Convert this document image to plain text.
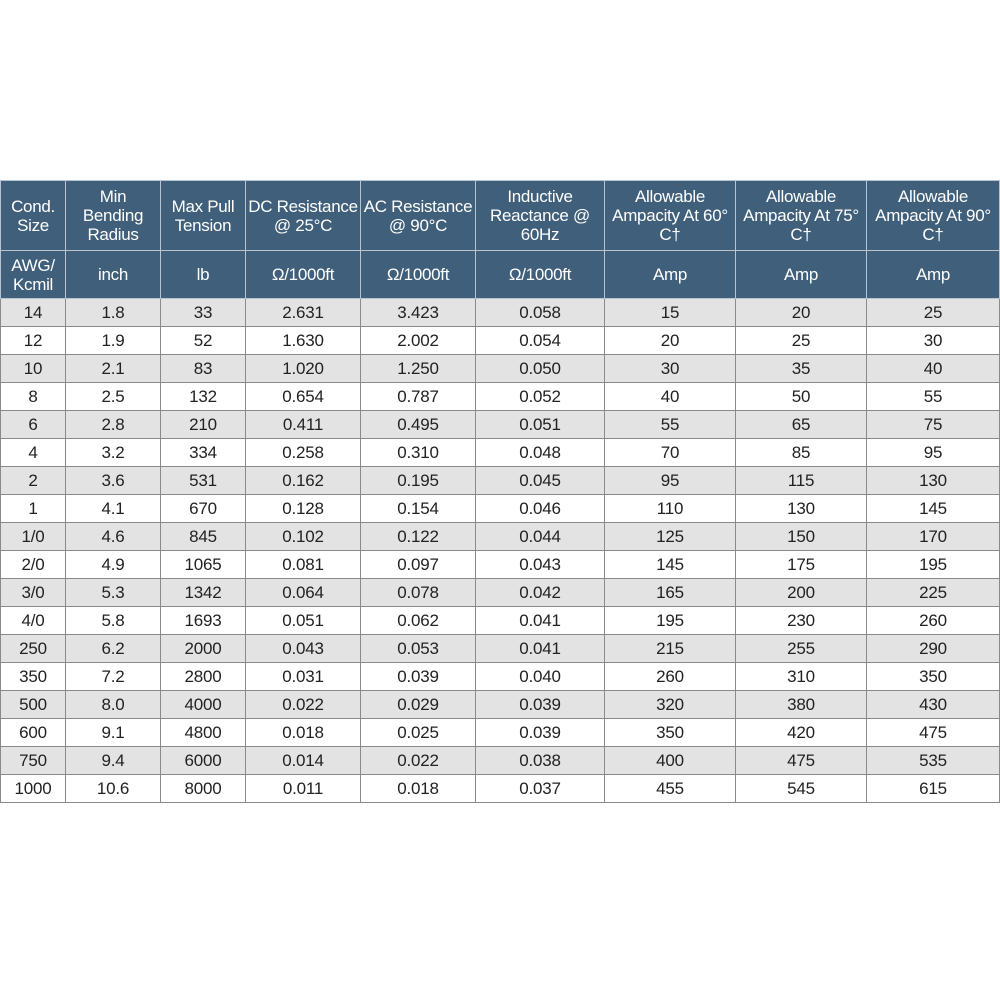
Cond. Size	Min Bending Radius	Max Pull Tension	DC Resistance @ 25°C	AC Resistance @ 90°C	Inductive Reactance @ 60Hz	Allowable Ampacity At 60° C†	Allowable Ampacity At 75° C†	Allowable Ampacity At 90° C†
AWG/ Kcmil	inch	lb	Ω/1000ft	Ω/1000ft	Ω/1000ft	Amp	Amp	Amp
14	1.8	33	2.631	3.423	0.058	15	20	25
12	1.9	52	1.630	2.002	0.054	20	25	30
10	2.1	83	1.020	1.250	0.050	30	35	40
8	2.5	132	0.654	0.787	0.052	40	50	55
6	2.8	210	0.411	0.495	0.051	55	65	75
4	3.2	334	0.258	0.310	0.048	70	85	95
2	3.6	531	0.162	0.195	0.045	95	115	130
1	4.1	670	0.128	0.154	0.046	110	130	145
1/0	4.6	845	0.102	0.122	0.044	125	150	170
2/0	4.9	1065	0.081	0.097	0.043	145	175	195
3/0	5.3	1342	0.064	0.078	0.042	165	200	225
4/0	5.8	1693	0.051	0.062	0.041	195	230	260
250	6.2	2000	0.043	0.053	0.041	215	255	290
350	7.2	2800	0.031	0.039	0.040	260	310	350
500	8.0	4000	0.022	0.029	0.039	320	380	430
600	9.1	4800	0.018	0.025	0.039	350	420	475
750	9.4	6000	0.014	0.022	0.038	400	475	535
1000	10.6	8000	0.011	0.018	0.037	455	545	615
